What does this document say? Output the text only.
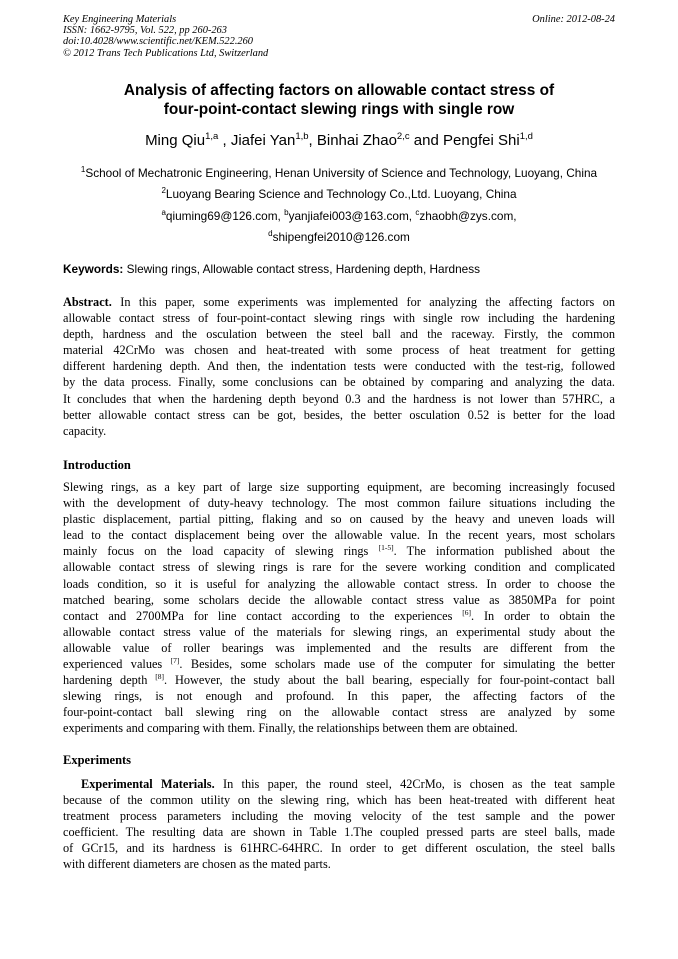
Key Engineering Materials
ISSN: 1662-9795, Vol. 522, pp 260-263
doi:10.4028/www.scientific.net/KEM.522.260
© 2012 Trans Tech Publications Ltd, Switzerland
Online: 2012-08-24
Analysis of affecting factors on allowable contact stress of
four-point-contact slewing rings with single row
Ming Qiu$^{1,a}$ , Jiafei Yan$^{1,b}$, Binhai Zhao$^{2,c}$ and Pengfei Shi$^{1,d}$
$^1$School of Mechatronic Engineering, Henan University of Science and Technology, Luoyang, China
$^2$Luoyang Bearing Science and Technology Co.,Ltd. Luoyang, China
$^a$qiuming69@126.com, $^b$yanjiafei003@163.com, $^c$zhaobh@zys.com,
$^d$shipengfei2010@126.com
Keywords: Slewing rings, Allowable contact stress, Hardening depth, Hardness
Abstract. In this paper, some experiments was implemented for analyzing the affecting factors on
allowable contact stress of four-point-contact slewing rings with single row including the hardening
depth, hardness and the osculation between the steel ball and the raceway. Firstly, the common
material 42CrMo was chosen and heat-treated with some process of heat treatment for getting
different hardening depth. And then, the indentation tests were conducted with the test-rig, followed
by the data process. Finally, some conclusions can be obtained by comparing and analyzing the data.
It concludes that when the hardening depth beyond 0.3 and the hardness is not lower than 57HRC, a
better allowable contact stress can be got, besides, the better osculation 0.52 is better for the load
capacity.
Introduction
Slewing rings, as a key part of large size supporting equipment, are becoming increasingly focused
with the development of duty-heavy technology. The most common failure situations including the
plastic displacement, partial pitting, flaking and so on caused by the heavy and uneven loads will
lead to the contact displacement being over the allowable value. In the recent years, most scholars
mainly focus on the load capacity of slewing rings [1-5]. The information published about the
allowable contact stress of slewing rings is rare for the severe working condition and complicated
loads condition, so it is useful for analyzing the allowable contact stress. In order to choose the
matched bearing, some scholars decide the allowable contact stress value as 3850MPa for point
contact and 2700MPa for line contact according to the experiences [6]. In order to obtain the
allowable contact stress value of the materials for slewing rings, an experimental study about the
allowable value of roller bearings was implemented and the results are different from the
experienced values [7]. Besides, some scholars made use of the computer for simulating the better
hardening depth [8]. However, the study about the ball bearing, especially for four-point-contact ball
slewing rings, is not enough and profound. In this paper, the affecting factors of the
four-point-contact ball slewing ring on the allowable contact stress are analyzed by some
experiments and comparing with them. Finally, the relationships between them are obtained.
Experiments
Experimental Materials. In this paper, the round steel, 42CrMo, is chosen as the teat sample
because of the common utility on the slewing ring, which has been heat-treated with different heat
treatment process parameters including the moving velocity of the test sample and the power
coefficient. The resulting data are shown in Table 1.The coupled pressed parts are steel balls, made
of GCr15, and its hardness is 61HRC-64HRC. In order to get different osculation, the steel balls
with different diameters are chosen as the mated parts.
